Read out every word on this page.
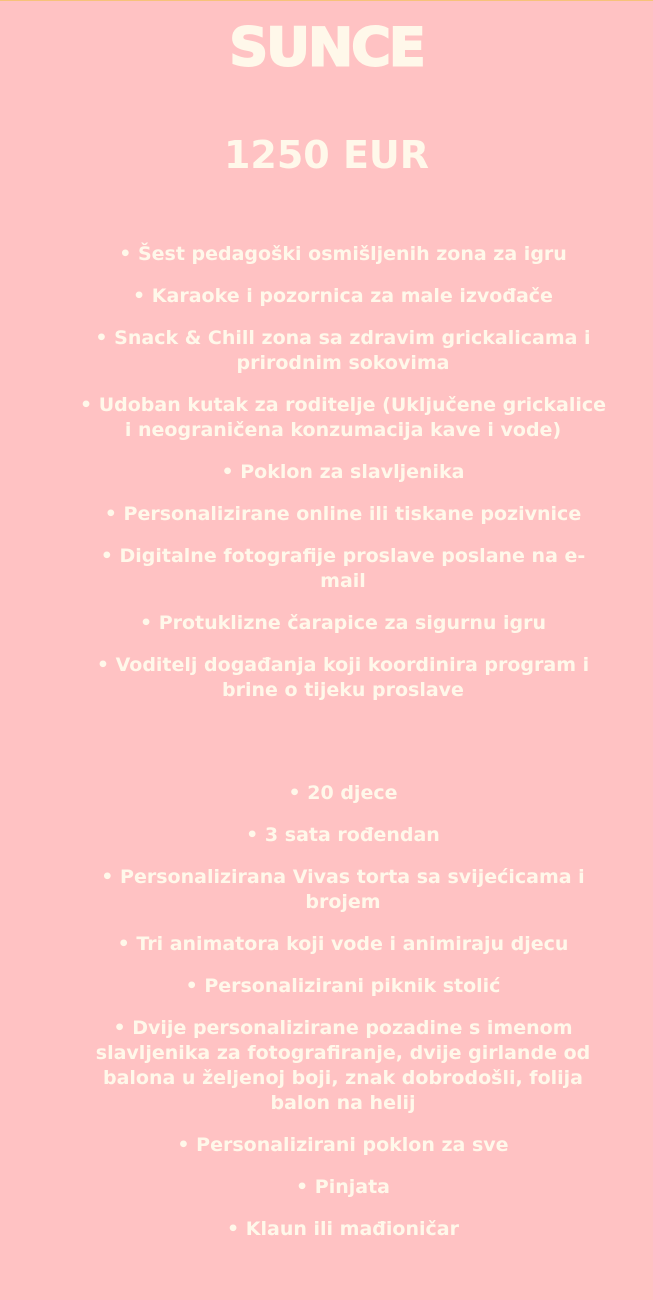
SUNCE
1250 EUR
• Šest pedagoški osmišljenih zona za igru
• Karaoke i pozornica za male izvođače
• Snack & Chill zona sa zdravim grickalicama i prirodnim sokovima
• Udoban kutak za roditelje (Uključene grickalice i neograničena konzumacija kave i vode)
• Poklon za slavljenika
• Personalizirane online ili tiskane pozivnice
• Digitalne fotografije proslave poslane na e-mail
• Protuklizne čarapice za sigurnu igru
• Voditelj događanja koji koordinira program i brine o tijeku proslave
• 20 djece
• 3 sata rođendan
• Personalizirana Vivas torta sa svijećicama i brojem
• Tri animatora koji vode i animiraju djecu
• Personalizirani piknik stolić
• Dvije personalizirane pozadine s imenom slavljenika za fotografiranje, dvije girlande od balona u željenoj boji, znak dobrodošli, folija balon na helij
• Personalizirani poklon za sve
• Pinjata
• Klaun ili mađioničar
